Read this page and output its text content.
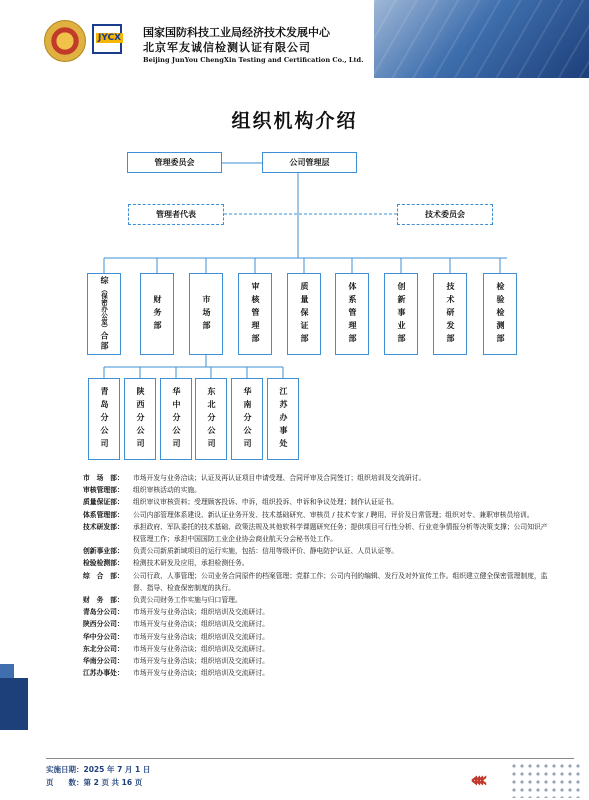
JYCX 国家国防科技工业局经济技术发展中心
北京军友诚信检测认证有限公司
Beijing JunYou ChengXin Testing and Certification Co., Ltd.
组织机构介绍
管理委员会	公司管理层
管理者代表	技术委员会
综（保密办公室）合部
财务部	市场部	审核管理部	质量保证部	体系管理部	创新事业部	技术研发部	检验检测部
青岛分公司	陕西分公司	华中分公司	东北分公司	华南分公司	江苏办事处
市　场　部：	市场开发与业务洽谈；认证及再认证项目申请受理、合同评审及合同签订；组织培训及交流研讨。
审核管理部：	组织审核活动的实施。
质量保证部：	组织审议审核资料；受理顾客投诉、申诉，组织投诉、申诉和争议处理；制作认证证书。
体系管理部：	公司内部管理体系建设、新认证业务开发、技术基础研究、审核员 / 技术专家 / 聘用、评价及日常管理；组织对专、兼职审核员培训。
技术研发部：	承担政府、军队委托的技术基础、政策法规及其他软科学课题研究任务；提供项目可行性分析、行业竞争情报分析等决策支撑；公司知识产权管理工作；承担中国国防工业企业协会商业航天分会秘书处工作。
创新事业部：	负责公司新质新域项目的运行实施，包括：信用等级评价、静电防护认证、人员认证等。
检验检测部：	检测技术研发及应用，承担检测任务。
综　合　部：	公司行政、人事管理；公司业务合同原件的档案管理；党群工作；公司内刊的编辑、发行及对外宣传工作。组织建立健全保密管理制度，监督、指导、检查保密制度的执行。
财　务　部：	负责公司财务工作实施与归口管理。
青岛分公司：	市场开发与业务洽谈；组织培训及交流研讨。
陕西分公司：	市场开发与业务洽谈；组织培训及交流研讨。
华中分公司：	市场开发与业务洽谈；组织培训及交流研讨。
东北分公司：	市场开发与业务洽谈；组织培训及交流研讨。
华南分公司：	市场开发与业务洽谈；组织培训及交流研讨。
江苏办事处：	市场开发与业务洽谈；组织培训及交流研讨。
实施日期：2025 年 7 月 1 日
页　　数：第 2 页 共 16 页	‹‹‹‹
